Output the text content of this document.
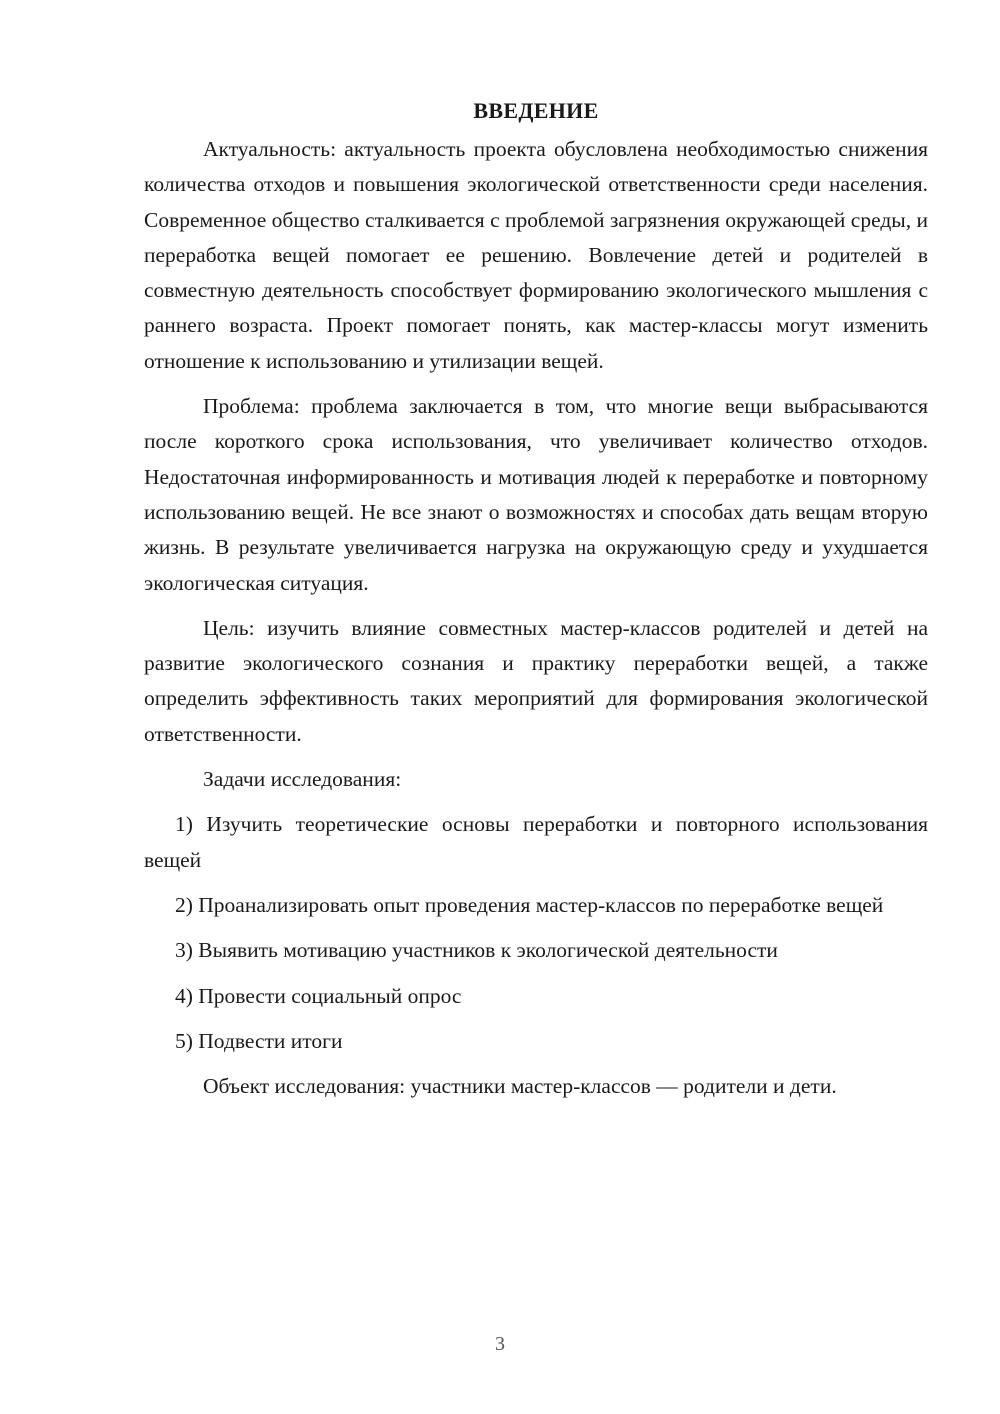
ВВЕДЕНИЕ

Актуальность: актуальность проекта обусловлена необходимостью снижения количества отходов и повышения экологической ответственности среди населения. Современное общество сталкивается с проблемой загрязнения окружающей среды, и переработка вещей помогает ее решению. Вовлечение детей и родителей в совместную деятельность способствует формированию экологического мышления с раннего возраста. Проект помогает понять, как мастер-классы могут изменить отношение к использованию и утилизации вещей.

Проблема: проблема заключается в том, что многие вещи выбрасываются после короткого срока использования, что увеличивает количество отходов. Недостаточная информированность и мотивация людей к переработке и повторному использованию вещей. Не все знают о возможностях и способах дать вещам вторую жизнь. В результате увеличивается нагрузка на окружающую среду и ухудшается экологическая ситуация.

Цель: изучить влияние совместных мастер-классов родителей и детей на развитие экологического сознания и практику переработки вещей, а также определить эффективность таких мероприятий для формирования экологической ответственности.

Задачи исследования:

1) Изучить теоретические основы переработки и повторного использования вещей

2) Проанализировать опыт проведения мастер-классов по переработке вещей

3) Выявить мотивацию участников к экологической деятельности

4) Провести социальный опрос

5) Подвести итоги

Объект исследования: участники мастер-классов — родители и дети.

3
